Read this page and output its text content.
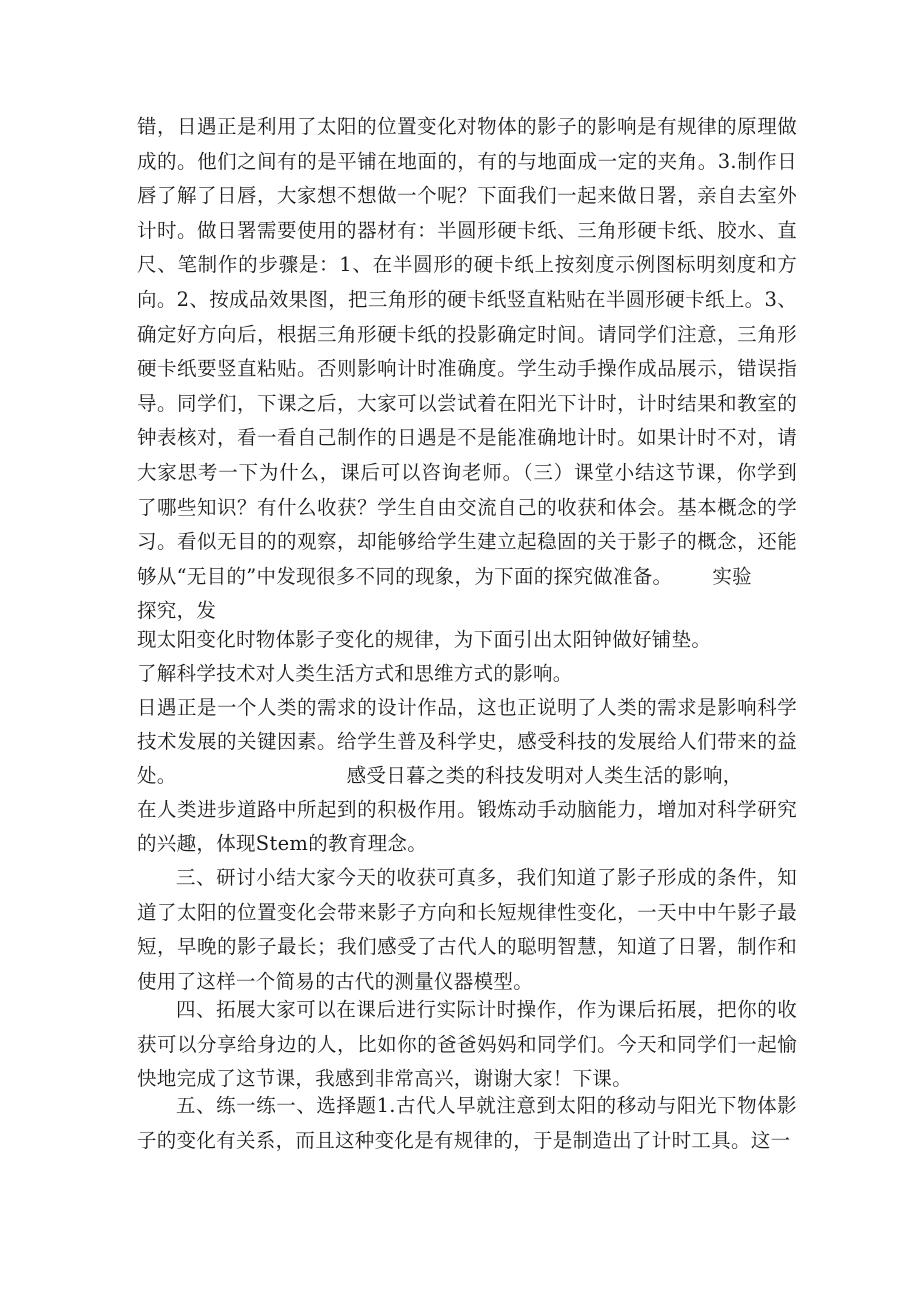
错，日遇正是利用了太阳的位置变化对物体的影子的影响是有规律的原理做成的。他们之间有的是平铺在地面的，有的与地面成一定的夹角。3.制作日唇了解了日唇，大家想不想做一个呢？下面我们一起来做日署，亲自去室外计时。做日署需要使用的器材有：半圆形硬卡纸、三角形硬卡纸、胶水、直尺、笔制作的步骤是：1、在半圆形的硬卡纸上按刻度示例图标明刻度和方向。2、按成品效果图，把三角形的硬卡纸竖直粘贴在半圆形硬卡纸上。3、确定好方向后，根据三角形硬卡纸的投影确定时间。请同学们注意，三角形硬卡纸要竖直粘贴。否则影响计时准确度。学生动手操作成品展示，错误指导。同学们，下课之后，大家可以尝试着在阳光下计时，计时结果和教室的钟表核对，看一看自己制作的日遇是不是能准确地计时。如果计时不对，请大家思考一下为什么，课后可以咨询老师。（三）课堂小结这节课，你学到了哪些知识？有什么收获？学生自由交流自己的收获和体会。基本概念的学习。看似无目的的观察，却能够给学生建立起稳固的关于影子的概念，还能够从“无目的”中发现很多不同的现象，为下面的探究做准备。 实验
探究，发
现太阳变化时物体影子变化的规律，为下面引出太阳钟做好铺垫。
了解科学技术对人类生活方式和思维方式的影响。
日遇正是一个人类的需求的设计作品，这也正说明了人类的需求是影响科学技术发展的关键因素。给学生普及科学史，感受科技的发展给人们带来的益处。	感受日暮之类的科技发明对人类生活的影响，
在人类进步道路中所起到的积极作用。锻炼动手动脑能力，增加对科学研究的兴趣，体现Stem的教育理念。
三、研讨小结大家今天的收获可真多，我们知道了影子形成的条件，知道了太阳的位置变化会带来影子方向和长短规律性变化，一天中中午影子最短，早晚的影子最长；我们感受了古代人的聪明智慧，知道了日署，制作和使用了这样一个简易的古代的测量仪器模型。
四、拓展大家可以在课后进行实际计时操作，作为课后拓展，把你的收获可以分享给身边的人，比如你的爸爸妈妈和同学们。今天和同学们一起愉快地完成了这节课，我感到非常高兴，谢谢大家！下课。
五、练一练一、选择题1.古代人早就注意到太阳的移动与阳光下物体影子的变化有关系，而且这种变化是有规律的，于是制造出了计时工具。这一
